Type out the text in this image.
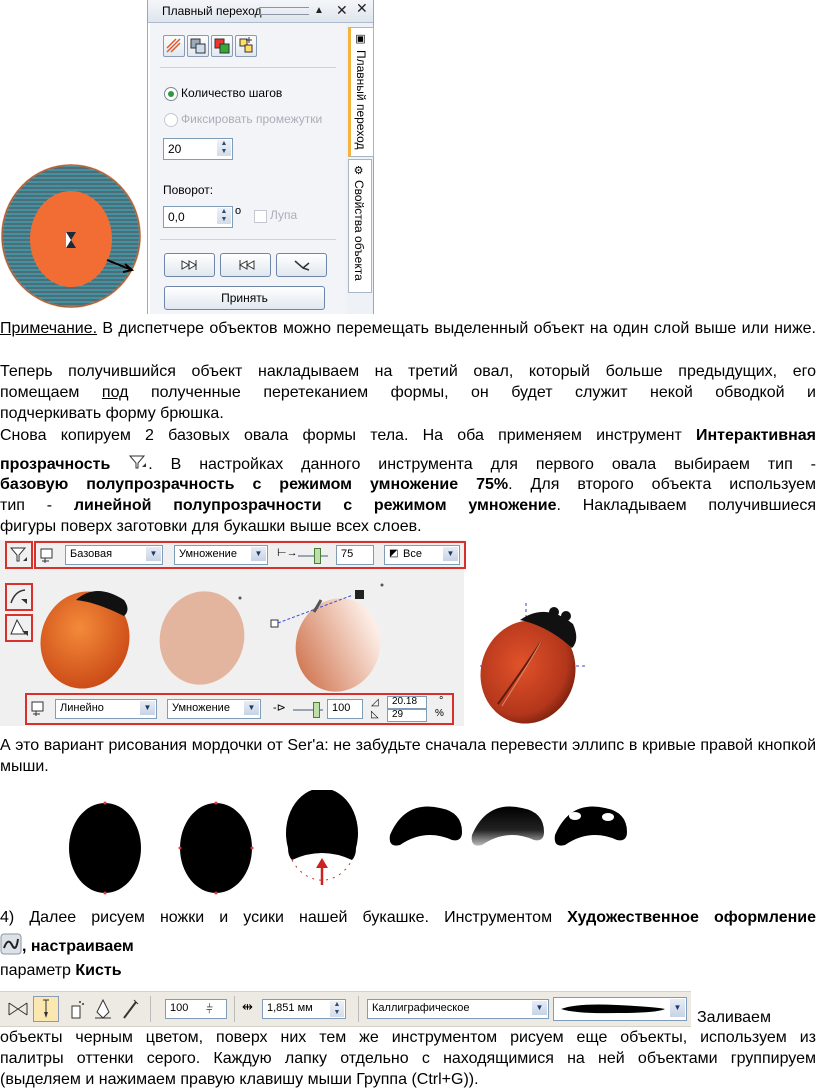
Плавный переход	▲ ✕ ✕
Количество шагов
Фиксировать промежутки
20	▲
▼
Поворот:
0,0	▲
▼
о Лупа
Принять
▣
Плавный переход
⚙
Свойства объекта
Примечание. В диспетчере объектов можно перемещать выделенный объект на один слой выше или ниже.
Теперь получившийся объект накладываем на третий овал, который больше предыдущих, его
помещаем под полученные перетеканием формы, он будет служит некой обводкой и
подчеркивать форму брюшка.
Снова копируем 2 базовых овала формы тела. На оба применяем инструмент Интерактивная
прозрачность . В настройках данного инструмента для первого овала выбираем тип -
базовую полупрозрачность с режимом умножение 75%. Для второго объекта используем
тип - линейной полупрозрачности с режимом умножение. Накладываем получившиеся
фигуры поверх заготовки для букашки выше всех слоев.
Базовая	▼	Умножение	▼	⊢→	75	Все
◩	▼
Линейно	▼	Умножение	▼	-⊳	100 ◿ 20.18
◺ 29
°
%
А это вариант рисования мордочки от Ser'a: не забудьте сначала перевести эллипс в кривые правой кнопкой мыши.
4) Далее рисуем ножки и усики нашей букашке. Инструментом Художественное оформление
, настраиваем
параметр Кисть
100 ⫩ ⇹ 1,851 мм	▲
▼	Каллиграфическое	▼	▼
Заливаем
объекты черным цветом, поверх них тем же инструментом рисуем еще объекты, используем из
палитры оттенки серого. Каждую лапку отдельно с находящимися на ней объектами группируем
(выделяем и нажимаем правую клавишу мыши Группа (Ctrl+G)).
